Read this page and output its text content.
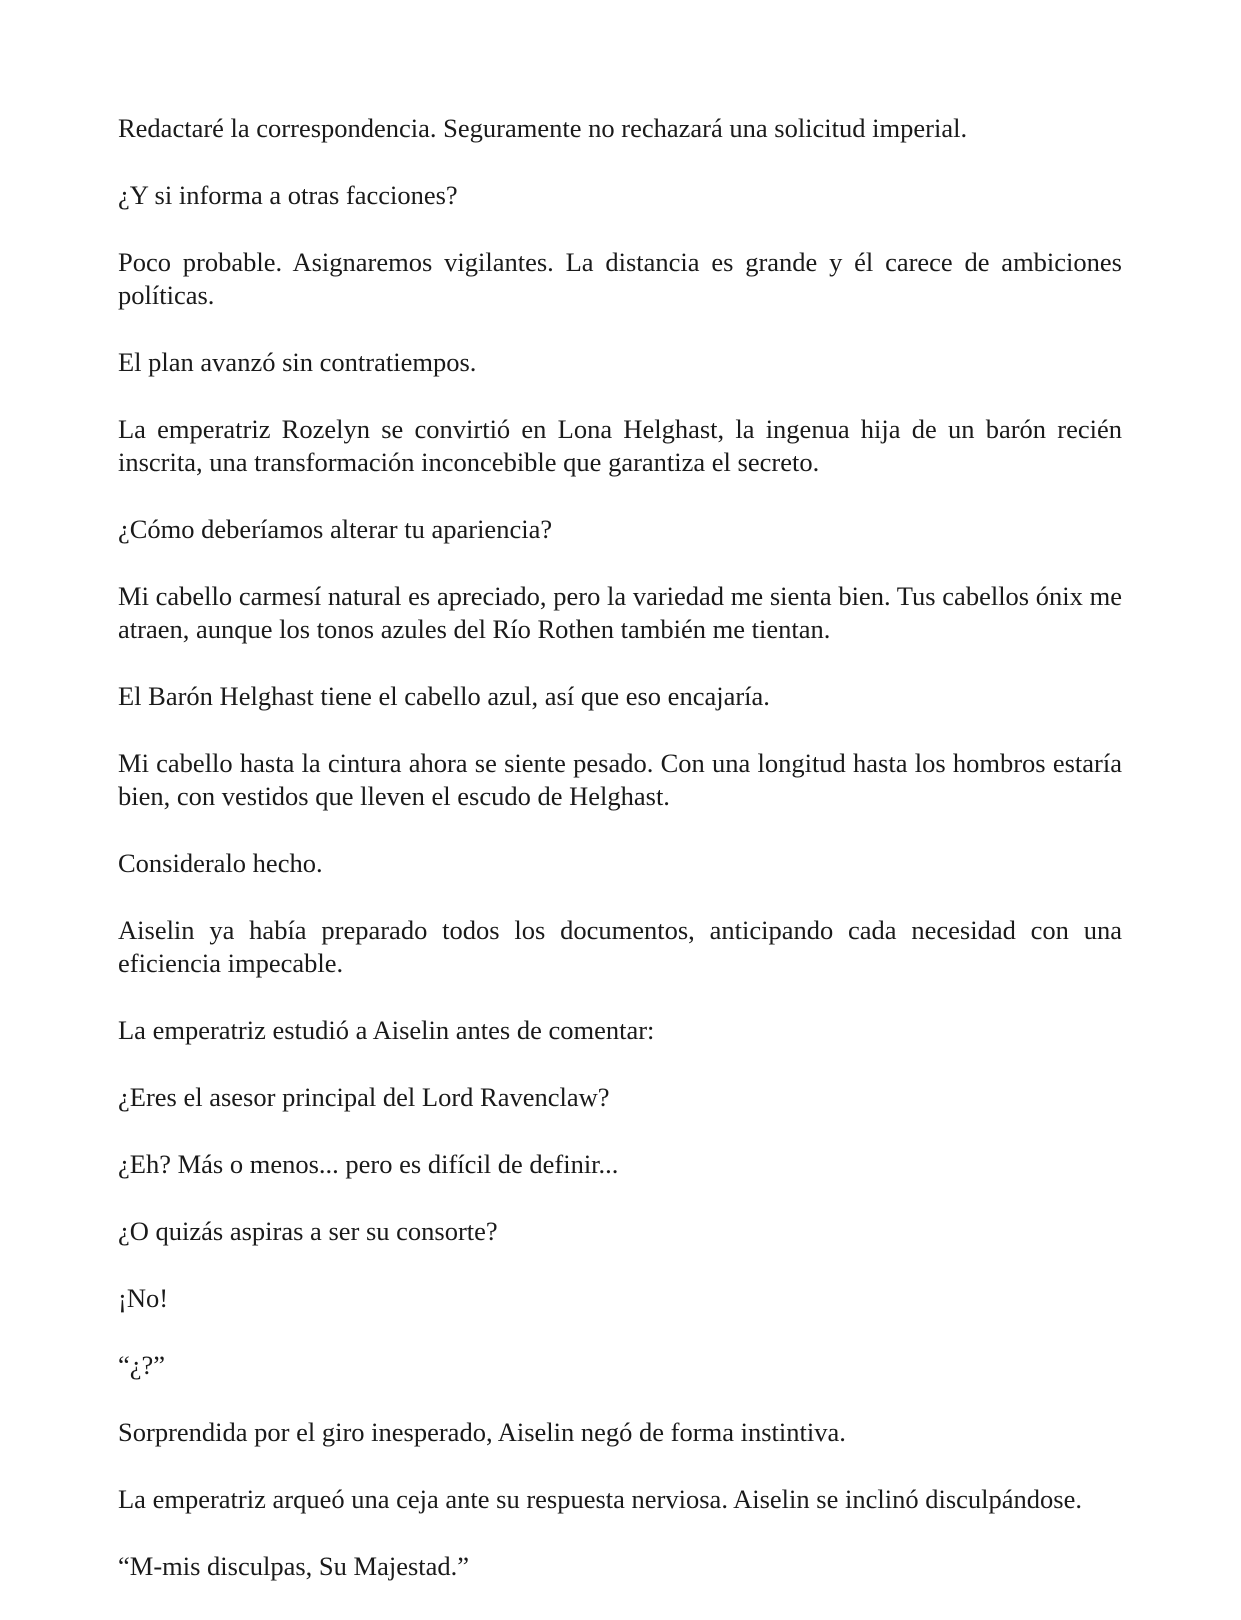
Redactaré la correspondencia. Seguramente no rechazará una solicitud imperial.

¿Y si informa a otras facciones?

Poco probable. Asignaremos vigilantes. La distancia es grande y él carece de ambiciones políticas.

El plan avanzó sin contratiempos.

La emperatriz Rozelyn se convirtió en Lona Helghast, la ingenua hija de un barón recién inscrita, una transformación inconcebible que garantiza el secreto.

¿Cómo deberíamos alterar tu apariencia?

Mi cabello carmesí natural es apreciado, pero la variedad me sienta bien. Tus cabellos ónix me atraen, aunque los tonos azules del Río Rothen también me tientan.

El Barón Helghast tiene el cabello azul, así que eso encajaría.

Mi cabello hasta la cintura ahora se siente pesado. Con una longitud hasta los hombros estaría bien, con vestidos que lleven el escudo de Helghast.

Consideralo hecho.

Aiselin ya había preparado todos los documentos, anticipando cada necesidad con una eficiencia impecable.

La emperatriz estudió a Aiselin antes de comentar:

¿Eres el asesor principal del Lord Ravenclaw?

¿Eh? Más o menos... pero es difícil de definir...

¿O quizás aspiras a ser su consorte?

¡No!

“¿?”

Sorprendida por el giro inesperado, Aiselin negó de forma instintiva.

La emperatriz arqueó una ceja ante su respuesta nerviosa. Aiselin se inclinó disculpándose.

“M-mis disculpas, Su Majestad.”
